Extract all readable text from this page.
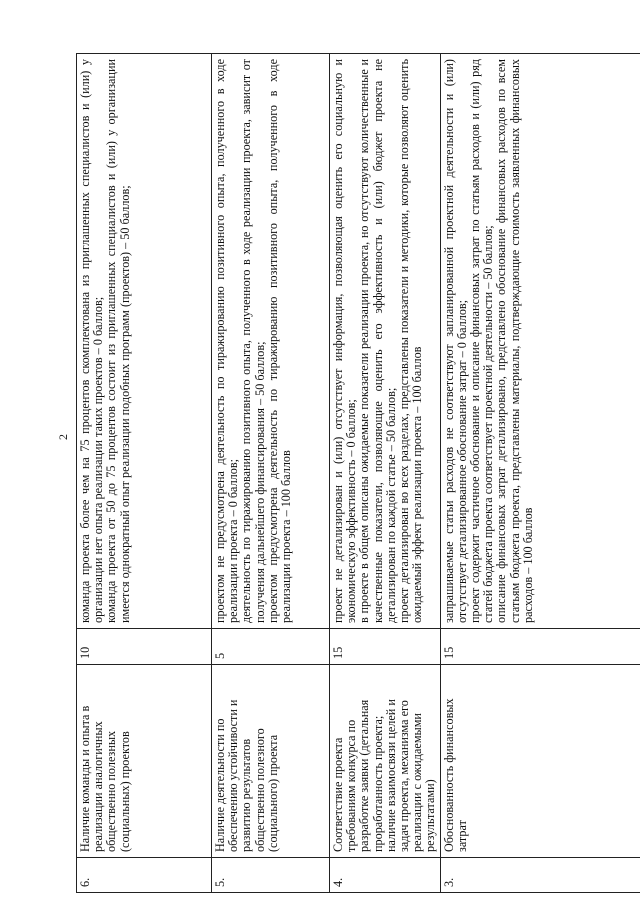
2
6.	Наличие команды и опыта в реализации аналогичных общественно полезных (социальных) проектов	10	команда проекта более чем на 75 процентов скомплектована из приглашенных специалистов и (или) у организации нет опыта реализации таких проектов – 0 баллов; команда проекта от 50 до 75 процентов состоит из приглашенных специалистов и (или) у организации имеется однократный опыт реализации подобных программ (проектов) – 50 баллов;

5.	Наличие деятельности по обеспечению устойчивости и развитию результатов общественно полезного (социального) проекта	5	проектом не предусмотрена деятельность по тиражированию позитивного опыта, полученного в ходе реализации проекта – 0 баллов; деятельность по тиражированию позитивного опыта, полученного в ходе реализации проекта, зависит от получения дальнейшего финансирования – 50 баллов; проектом предусмотрена деятельность по тиражированию позитивного опыта, полученного в ходе реализации проекта – 100 баллов

4.	Соответствие проекта требованиям конкурса по разработке заявки (детальная проработанность проекта; наличие взаимосвязи целей и задач проекта, механизма его реализации с ожидаемыми результатами)	15	проект не детализирован и (или) отсутствует информация, позволяющая оценить его социальную и экономическую эффективность – 0 баллов; в проекте в общем описаны ожидаемые показатели реализации проекта, но отсутствуют количественные и качественные показатели, позволяющие оценить его эффективность и (или) бюджет проекта не детализирован по каждой статье – 50 баллов; проект детализирован во всех разделах, представлены показатели и методики, которые позволяют оценить ожидаемый эффект реализации проекта – 100 баллов

3.	Обоснованность финансовых затрат	15	запрашиваемые статьи расходов не соответствуют запланированной проектной деятельности и (или) отсутствует детализированное обоснование затрат – 0 баллов; проект содержит частичное обоснование и описание финансовых затрат по статьям расходов и (или) ряд статей бюджета проекта соответствует проектной деятельности – 50 баллов; описание финансовых затрат детализировано, представлено обоснование финансовых расходов по всем статьям бюджета проекта, представлены материалы, подтверждающие стоимость заявленных финансовых расходов – 100 баллов
